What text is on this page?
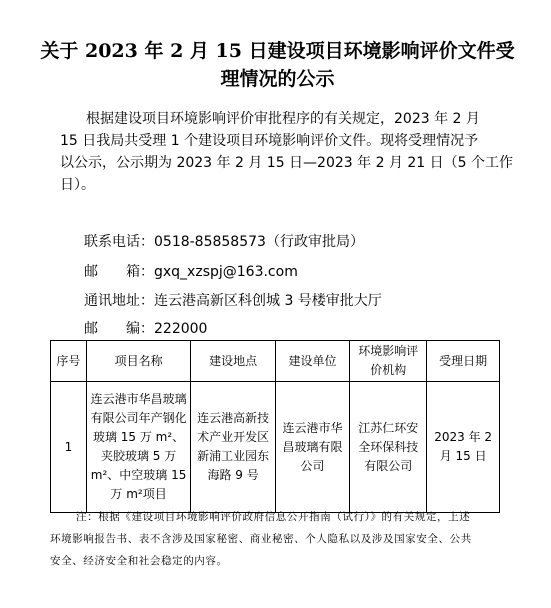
关于 2023 年 2 月 15 日建设项目环境影响评价文件受
理情况的公示
根据建设项目环境影响评价审批程序的有关规定，2023 年 2 月
15 日我局共受理 1 个建设项目环境影响评价文件。现将受理情况予
以公示，公示期为 2023 年 2 月 15 日—2023 年 2 月 21 日（5 个工作
日）。
联系电话：0518-85858573（行政审批局）
邮　　箱：gxq_xzspj@163.com
通讯地址：连云港高新区科创城 3 号楼审批大厅
邮　　编：222000
序号	项目名称	建设地点	建设单位	环境影响评价机构	受理日期
1	连云港市华昌玻璃有限公司年产钢化玻璃 15 万 m²、夹胶玻璃 5 万 m²、中空玻璃 15 万 m²项目	连云港高新技术产业开发区新浦工业园东海路 9 号	连云港市华昌玻璃有限公司	江苏仁环安全环保科技有限公司	2023 年 2 月 15 日
注：根据《建设项目环境影响评价政府信息公开指南（试行）》的有关规定，上述
环境影响报告书、表不含涉及国家秘密、商业秘密、个人隐私以及涉及国家安全、公共
安全、经济安全和社会稳定的内容。
